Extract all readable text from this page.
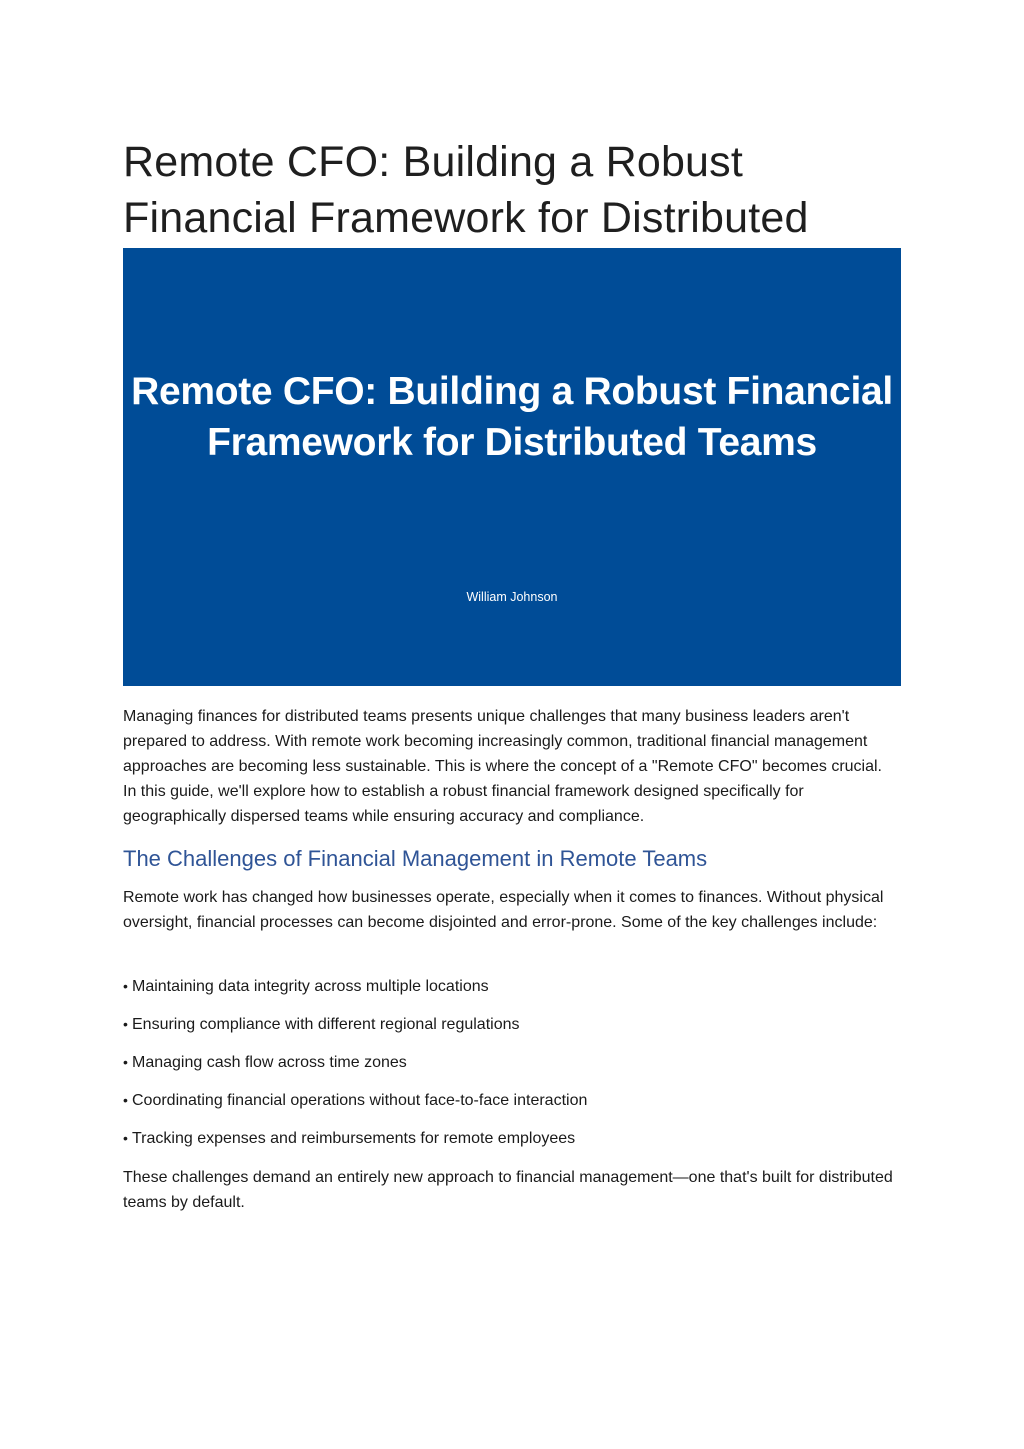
Remote CFO: Building a Robust Financial Framework for Distributed
Remote CFO: Building a Robust Financial Framework for Distributed Teams
William Johnson

Managing finances for distributed teams presents unique challenges that many business leaders aren't prepared to address. With remote work becoming increasingly common, traditional financial management approaches are becoming less sustainable. This is where the concept of a "Remote CFO" becomes crucial. In this guide, we'll explore how to establish a robust financial framework designed specifically for geographically dispersed teams while ensuring accuracy and compliance.

The Challenges of Financial Management in Remote Teams

Remote work has changed how businesses operate, especially when it comes to finances. Without physical oversight, financial processes can become disjointed and error-prone. Some of the key challenges include:

• Maintaining data integrity across multiple locations
• Ensuring compliance with different regional regulations
• Managing cash flow across time zones
• Coordinating financial operations without face-to-face interaction
• Tracking expenses and reimbursements for remote employees

These challenges demand an entirely new approach to financial management—one that's built for distributed teams by default.
